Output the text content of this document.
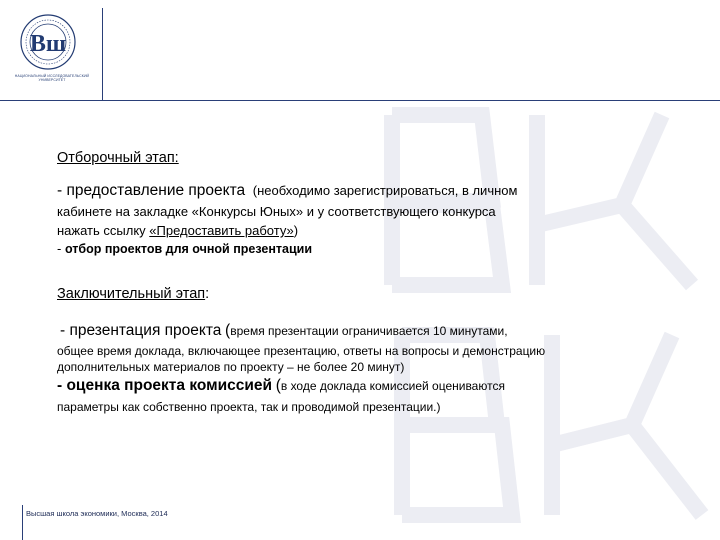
Вш
НАЦИОНАЛЬНЫЙ ИССЛЕДОВАТЕЛЬСКИЙ УНИВЕРСИТЕТ
Отборочный этап:
- предоставление проекта (необходимо зарегистрироваться, в личном
кабинете на закладке «Конкурсы Юных» и у соответствующего конкурса
нажать ссылку «Предоставить работу»)
- отбор проектов для очной презентации
Заключительный этап:
- презентация проекта (время презентации ограничивается 10 минутами,
общее время доклада, включающее презентацию, ответы на вопросы и демонстрацию
дополнительных материалов по проекту – не более 20 минут)
- оценка проекта комиссией (в ходе доклада комиссией оцениваются
параметры как собственно проекта, так и проводимой презентации.)
Высшая школа экономики, Москва, 2014
